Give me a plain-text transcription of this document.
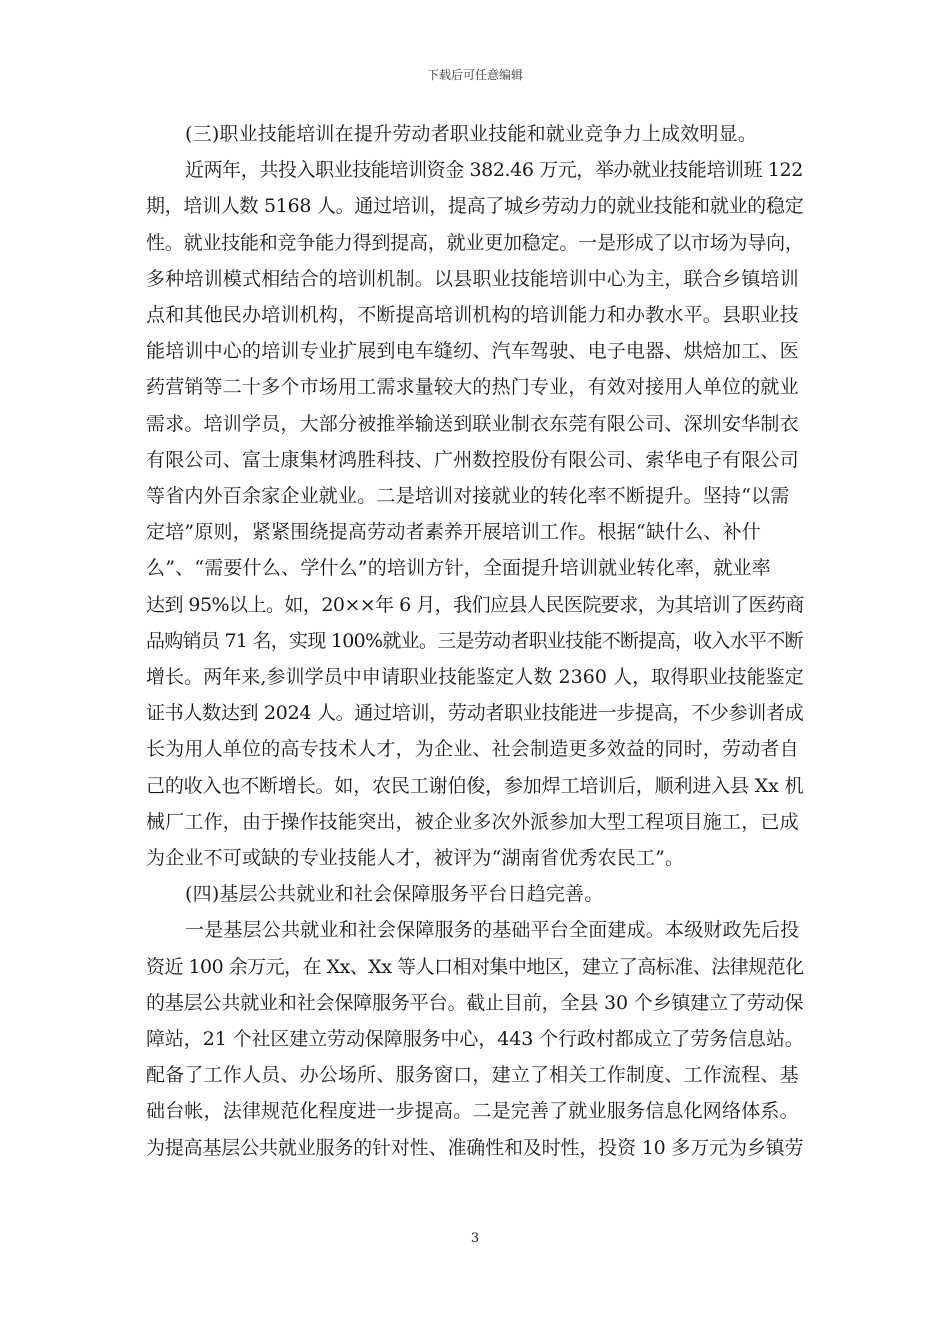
下载后可任意编辑
(三)职业技能培训在提升劳动者职业技能和就业竞争力上成效明显。
近两年，共投入职业技能培训资金 382.46 万元，举办就业技能培训班 122
期，培训人数 5168 人。通过培训，提高了城乡劳动力的就业技能和就业的稳定
性。就业技能和竞争能力得到提高，就业更加稳定。一是形成了以市场为导向，
多种培训模式相结合的培训机制。以县职业技能培训中心为主，联合乡镇培训
点和其他民办培训机构，不断提高培训机构的培训能力和办教水平。县职业技
能培训中心的培训专业扩展到电车缝纫、汽车驾驶、电子电器、烘焙加工、医
药营销等二十多个市场用工需求量较大的热门专业，有效对接用人单位的就业
需求。培训学员，大部分被推举输送到联业制衣东莞有限公司、深圳安华制衣
有限公司、富士康集材鸿胜科技、广州数控股份有限公司、索华电子有限公司
等省内外百余家企业就业。二是培训对接就业的转化率不断提升。坚持“以需
定培”原则，紧紧围绕提高劳动者素养开展培训工作。根据“缺什么、补什
么”、“需要什么、学什么”的培训方针，全面提升培训就业转化率，就业率
达到 95%以上。如，20××年 6 月，我们应县人民医院要求，为其培训了医药商
品购销员 71 名，实现 100%就业。三是劳动者职业技能不断提高，收入水平不断
增长。两年来,参训学员中申请职业技能鉴定人数 2360 人，取得职业技能鉴定
证书人数达到 2024 人。通过培训，劳动者职业技能进一步提高，不少参训者成
长为用人单位的高专技术人才，为企业、社会制造更多效益的同时，劳动者自
己的收入也不断增长。如，农民工谢伯俊，参加焊工培训后，顺利进入县 Xx 机
械厂工作，由于操作技能突出，被企业多次外派参加大型工程项目施工，已成
为企业不可或缺的专业技能人才，被评为“湖南省优秀农民工”。
(四)基层公共就业和社会保障服务平台日趋完善。
一是基层公共就业和社会保障服务的基础平台全面建成。本级财政先后投
资近 100 余万元，在 Xx、Xx 等人口相对集中地区，建立了高标准、法律规范化
的基层公共就业和社会保障服务平台。截止目前，全县 30 个乡镇建立了劳动保
障站，21 个社区建立劳动保障服务中心，443 个行政村都成立了劳务信息站。
配备了工作人员、办公场所、服务窗口，建立了相关工作制度、工作流程、基
础台帐，法律规范化程度进一步提高。二是完善了就业服务信息化网络体系。
为提高基层公共就业服务的针对性、准确性和及时性，投资 10 多万元为乡镇劳
3
